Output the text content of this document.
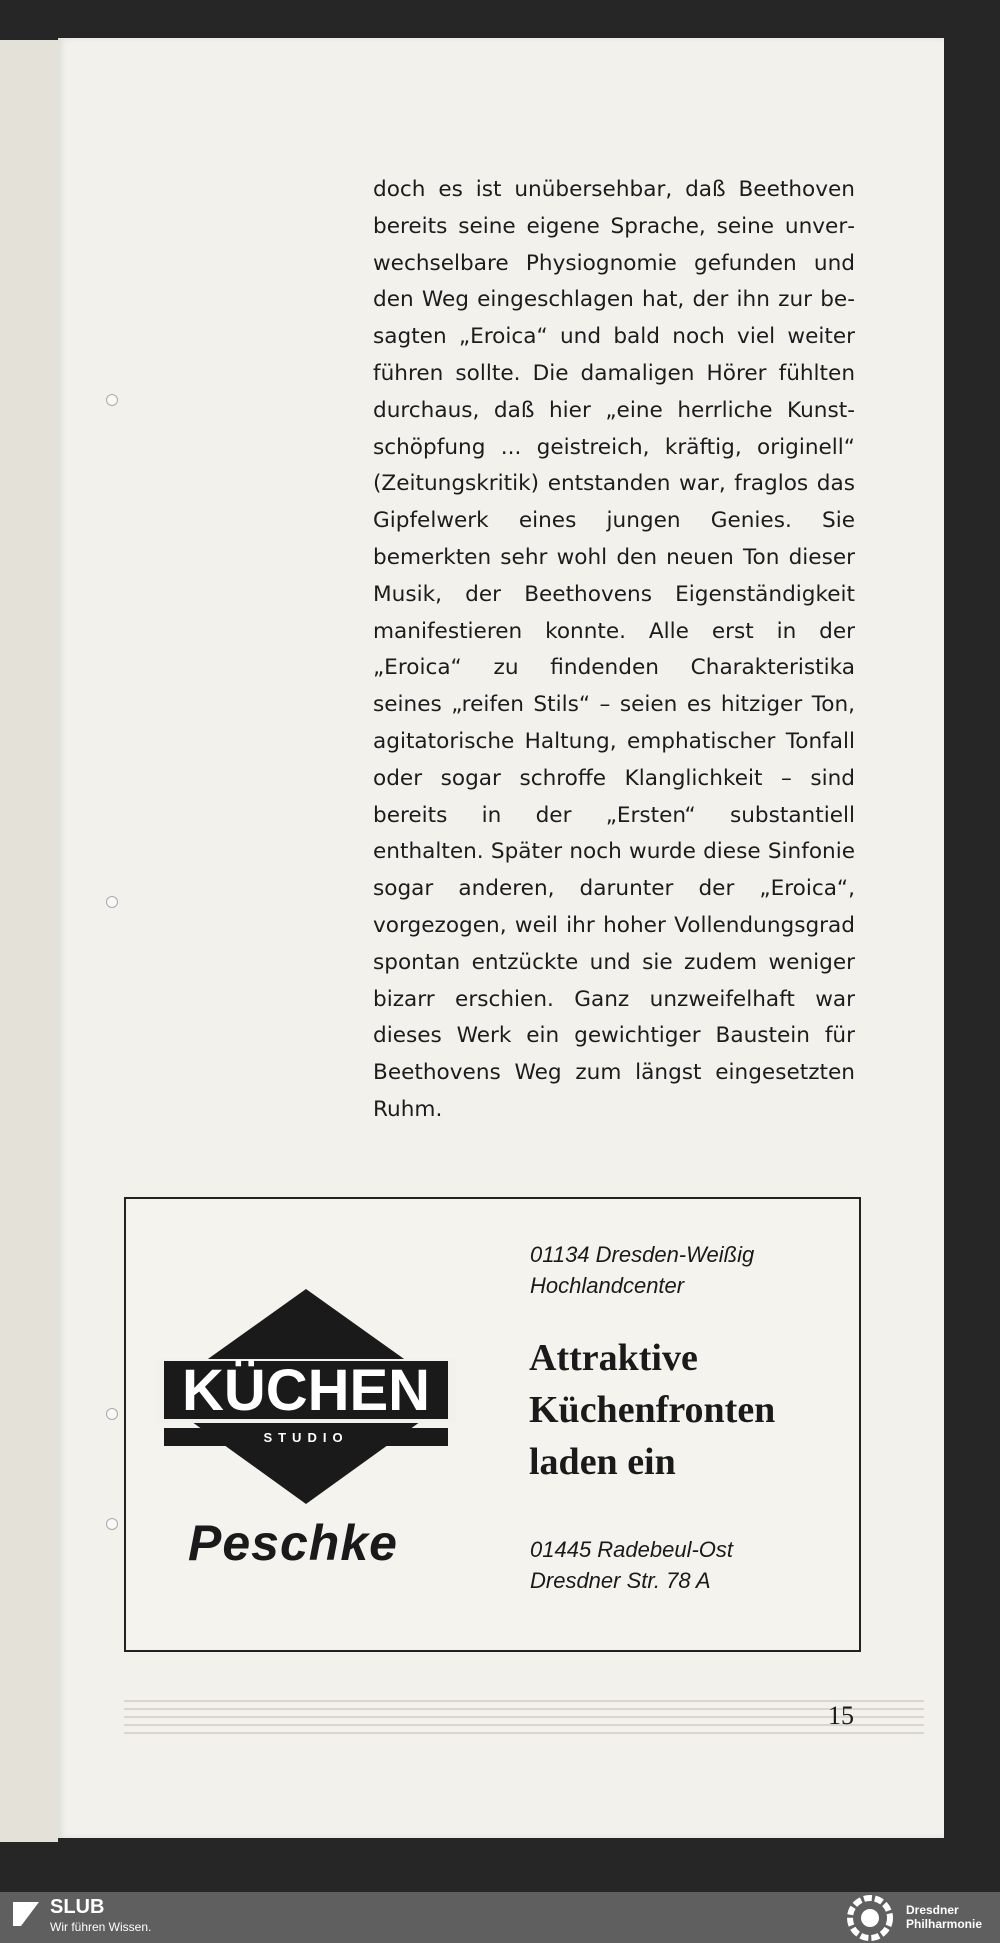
doch es ist unübersehbar, daß Beethoven bereits seine eigene Sprache, seine unverwechselbare Physiognomie gefunden und den Weg eingeschlagen hat, der ihn zur besagten „Eroica“ und bald noch viel weiter führen sollte. Die damaligen Hörer fühlten durchaus, daß hier „eine herrliche Kunstschöpfung ... geistreich, kräftig, originell“ (Zeitungskritik) entstanden war, fraglos das Gipfelwerk eines jungen Genies. Sie bemerkten sehr wohl den neuen Ton dieser Musik, der Beethovens Eigenständigkeit manifestieren konnte. Alle erst in der „Eroica“ zu findenden Charakteristika seines „reifen Stils“ – seien es hitziger Ton, agitatorische Haltung, emphatischer Tonfall oder sogar schroffe Klanglichkeit – sind bereits in der „Ersten“ substantiell enthalten. Später noch wurde diese Sinfonie sogar anderen, darunter der „Eroica“, vorgezogen, weil ihr hoher Vollendungsgrad spontan entzückte und sie zudem weniger bizarr erschien. Ganz unzweifelhaft war dieses Werk ein gewichtiger Baustein für Beethovens Weg zum längst eingesetzten Ruhm.

01134 Dresden-Weißig
Hochlandcenter
Attraktive
Küchenfronten
laden ein
KÜCHEN
STUDIO
Peschke	01445 Radebeul-Ost
Dresdner Str. 78 A
15
SLUB
Wir führen Wissen.
Dresdner
Philharmonie
